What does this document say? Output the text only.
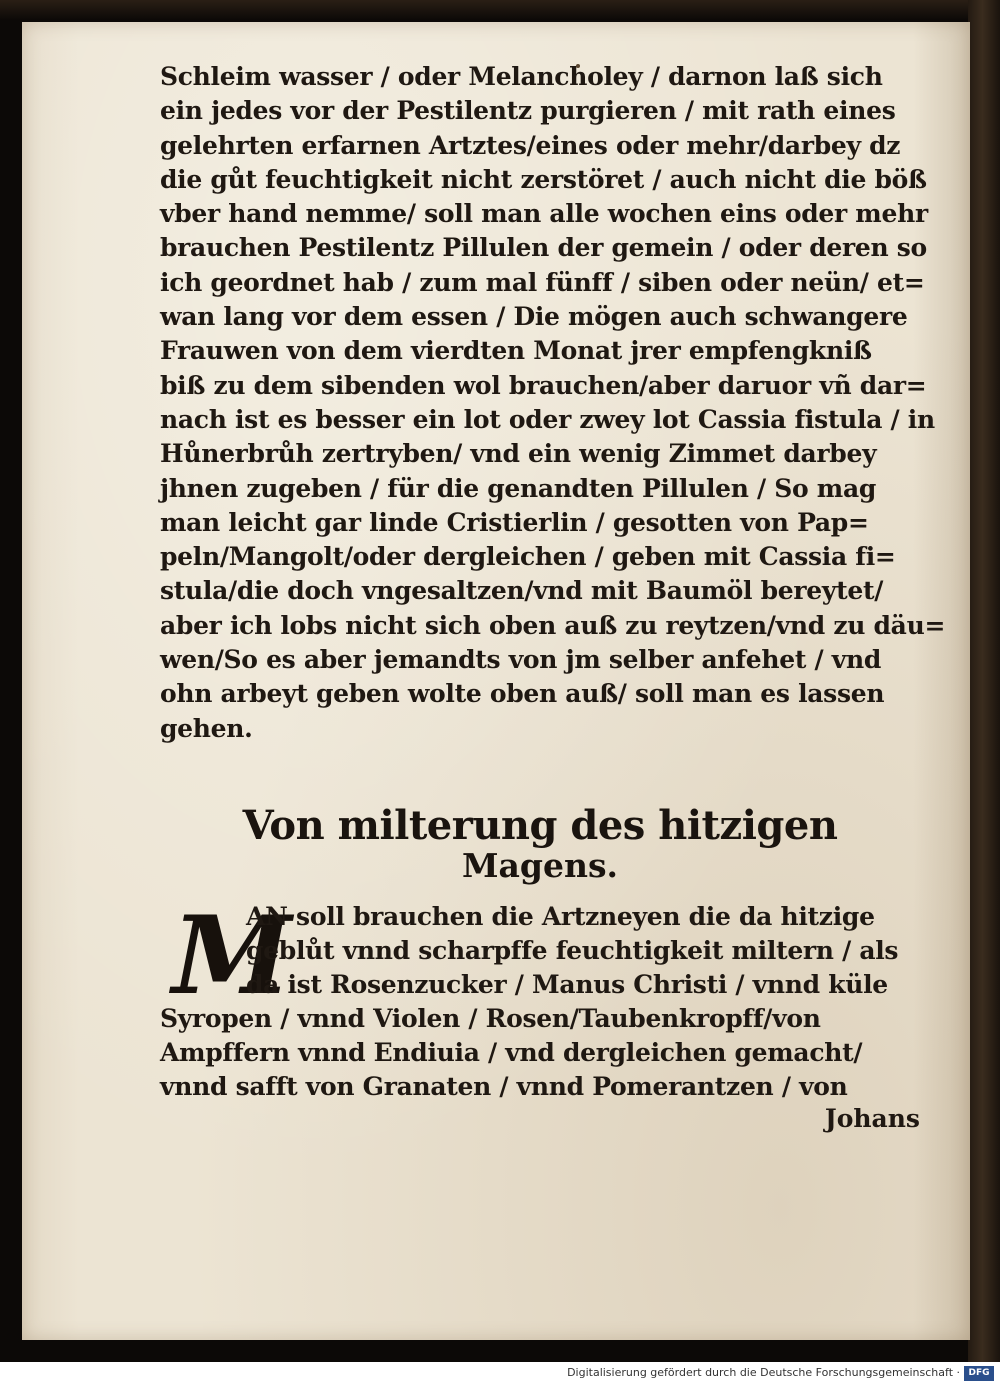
Schleim wasser / oder Melancholey / darnon laß sich
ein jedes vor der Pestilentz purgieren / mit rath eines
gelehrten erfarnen Artztes/eines oder mehr/darbey dz
die gůt feuchtigkeit nicht zerstöret / auch nicht die böß
vber hand nemme/ soll man alle wochen eins oder mehr
brauchen Pestilentz Pillulen der gemein / oder deren so
ich geordnet hab / zum mal fünff / siben oder neün/ et=
wan lang vor dem essen / Die mögen auch schwangere
Frauwen von dem vierdten Monat jrer empfengkniß
biß zu dem sibenden wol brauchen/aber daruor vñ dar=
nach ist es besser ein lot oder zwey lot Cassia fistula / in
Hůnerbrůh zertryben/ vnd ein wenig Zimmet darbey
jhnen zugeben / für die genandten Pillulen / So mag
man leicht gar linde Cristierlin / gesotten von Pap=
peln/Mangolt/oder dergleichen / geben mit Cassia fi=
stula/die doch vngesaltzen/vnd mit Baumöl bereytet/
aber ich lobs nicht sich oben auß zu reytzen/vnd zu däu=
wen/So es aber jemandts von jm selber anfehet / vnd
ohn arbeyt geben wolte oben auß/ soll man es lassen
gehen.
Von milterung des hitzigen
Magens.
M
AN soll brauchen die Artzneyen die da hitzige
geblůt vnnd scharpffe feuchtigkeit miltern / als
da ist Rosenzucker / Manus Christi / vnnd küle
Syropen / vnnd Violen / Rosen/Taubenkropff/von
Ampffern vnnd Endiuia / vnd dergleichen gemacht/
vnnd safft von Granaten / vnnd Pomerantzen / von
Johans
Digitalisierung gefördert durch die Deutsche Forschungsgemeinschaft · DFG
